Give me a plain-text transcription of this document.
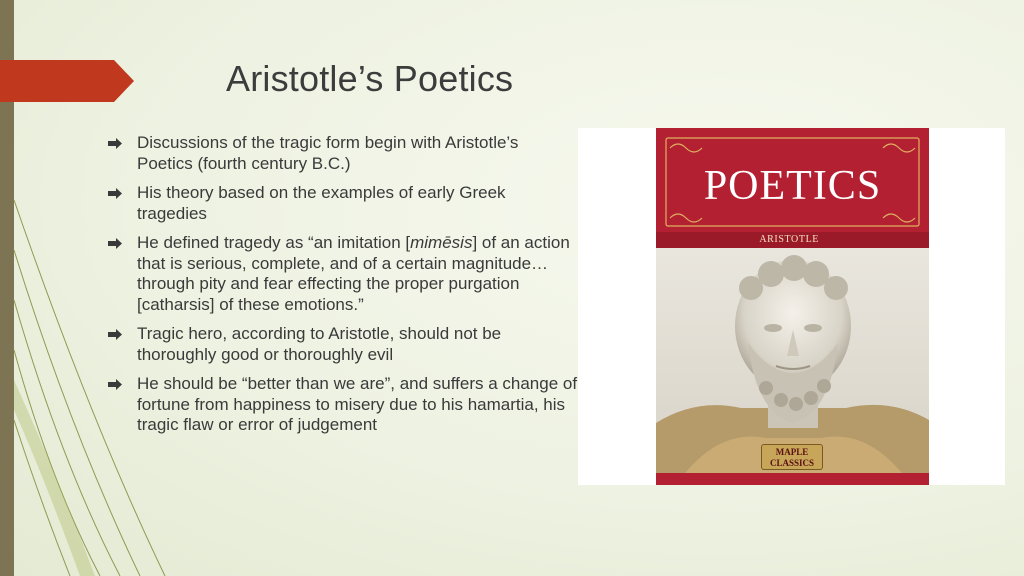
Aristotle’s Poetics
Discussions of the tragic form begin with Aristotle’s Poetics (fourth century B.C.)
His theory based on the examples of early Greek tragedies
He defined tragedy as “an imitation [mimēsis] of an action that is serious, complete, and of a certain magnitude…through pity and fear effecting the proper purgation [catharsis] of these emotions.”
Tragic hero, according to Aristotle, should not be thoroughly good or thoroughly evil
He should be “better than we are”, and suffers a change of fortune from happiness to misery due to his hamartia, his tragic flaw or error of judgement
POETICS
ARISTOTLE
MAPLE
CLASSICS
